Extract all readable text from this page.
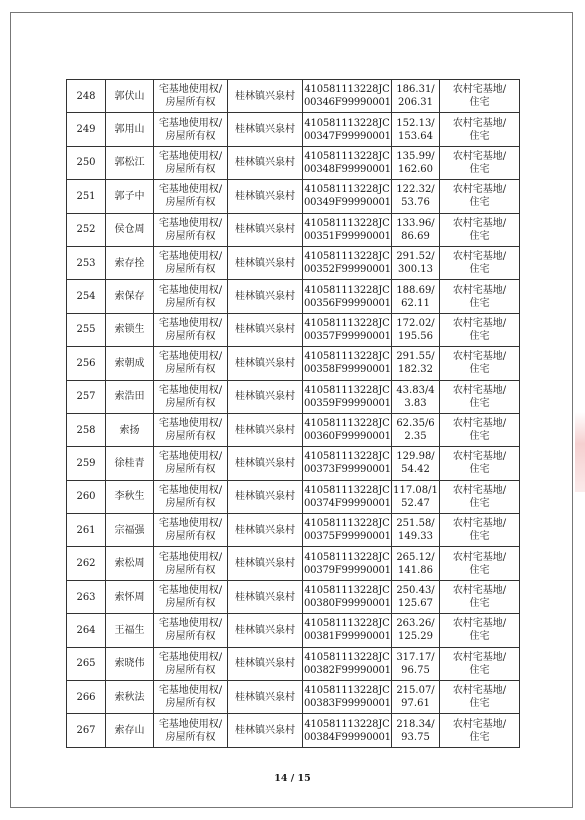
248	郭伏山	宅基地使用权/
房屋所有权	桂林镇兴泉村	410581113228JC
00346F99990001	186.31/
206.31	农村宅基地/
住宅

249	郭用山	宅基地使用权/
房屋所有权	桂林镇兴泉村	410581113228JC
00347F99990001	152.13/
153.64	农村宅基地/
住宅

250	郭松江	宅基地使用权/
房屋所有权	桂林镇兴泉村	410581113228JC
00348F99990001	135.99/
162.60	农村宅基地/
住宅

251	郭子中	宅基地使用权/
房屋所有权	桂林镇兴泉村	410581113228JC
00349F99990001	122.32/
53.76	农村宅基地/
住宅

252	侯仓周	宅基地使用权/
房屋所有权	桂林镇兴泉村	410581113228JC
00351F99990001	133.96/
86.69	农村宅基地/
住宅

253	索存拴	宅基地使用权/
房屋所有权	桂林镇兴泉村	410581113228JC
00352F99990001	291.52/
300.13	农村宅基地/
住宅

254	索保存	宅基地使用权/
房屋所有权	桂林镇兴泉村	410581113228JC
00356F99990001	188.69/
62.11	农村宅基地/
住宅

255	索锁生	宅基地使用权/
房屋所有权	桂林镇兴泉村	410581113228JC
00357F99990001	172.02/
195.56	农村宅基地/
住宅

256	索朝成	宅基地使用权/
房屋所有权	桂林镇兴泉村	410581113228JC
00358F99990001	291.55/
182.32	农村宅基地/
住宅

257	索浩田	宅基地使用权/
房屋所有权	桂林镇兴泉村	410581113228JC
00359F99990001	43.83/4
3.83	农村宅基地/
住宅

258	索扬	宅基地使用权/
房屋所有权	桂林镇兴泉村	410581113228JC
00360F99990001	62.35/6
2.35	农村宅基地/
住宅

259	徐桂青	宅基地使用权/
房屋所有权	桂林镇兴泉村	410581113228JC
00373F99990001	129.98/
54.42	农村宅基地/
住宅

260	李秋生	宅基地使用权/
房屋所有权	桂林镇兴泉村	410581113228JC
00374F99990001	117.08/1
52.47	农村宅基地/
住宅

261	宗福强	宅基地使用权/
房屋所有权	桂林镇兴泉村	410581113228JC
00375F99990001	251.58/
149.33	农村宅基地/
住宅

262	索松周	宅基地使用权/
房屋所有权	桂林镇兴泉村	410581113228JC
00379F99990001	265.12/
141.86	农村宅基地/
住宅

263	索怀周	宅基地使用权/
房屋所有权	桂林镇兴泉村	410581113228JC
00380F99990001	250.43/
125.67	农村宅基地/
住宅

264	王福生	宅基地使用权/
房屋所有权	桂林镇兴泉村	410581113228JC
00381F99990001	263.26/
125.29	农村宅基地/
住宅

265	索晓伟	宅基地使用权/
房屋所有权	桂林镇兴泉村	410581113228JC
00382F99990001	317.17/
96.75	农村宅基地/
住宅

266	索秋法	宅基地使用权/
房屋所有权	桂林镇兴泉村	410581113228JC
00383F99990001	215.07/
97.61	农村宅基地/
住宅

267	索存山	宅基地使用权/
房屋所有权	桂林镇兴泉村	410581113228JC
00384F99990001	218.34/
93.75	农村宅基地/
住宅
14 / 15
